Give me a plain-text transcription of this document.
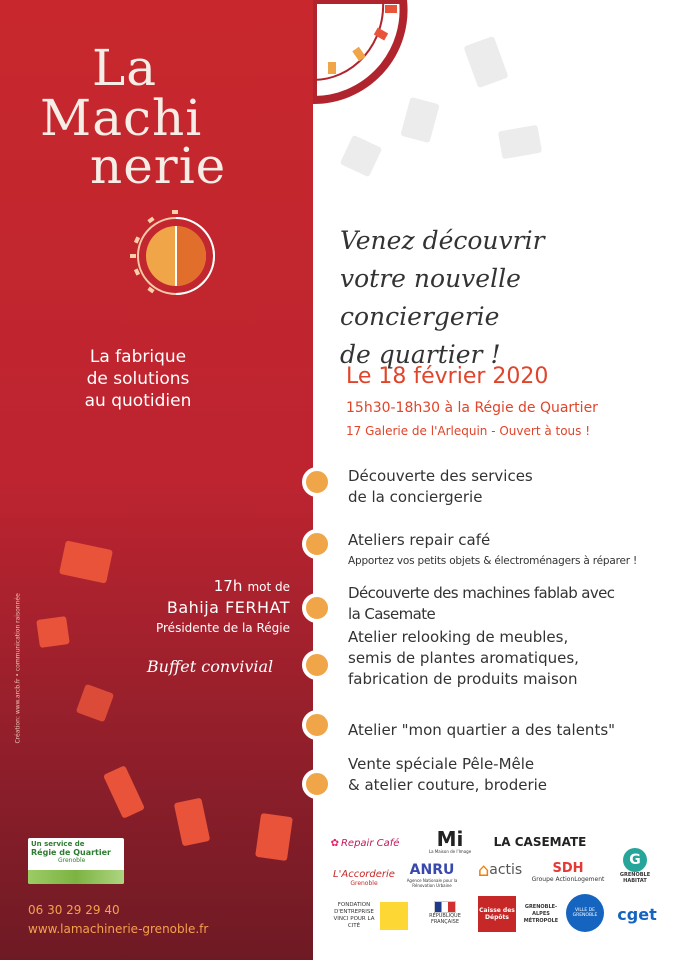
Création: www.arcb.fr • communication raisonnée
La
Machi
nerie
La fabrique
de solutions
au quotidien
17h mot de
Bahija FERHAT
Présidente de la Régie
Buffet convivial
Un service de
Régie de Quartier
Grenoble
06 30 29 29 40
www.lamachinerie-grenoble.fr
Venez découvrir
votre nouvelle conciergerie
de quartier !
Le 18 février 2020
15h30-18h30 à la Régie de Quartier
17 Galerie de l'Arlequin - Ouvert à tous !
Découverte des services
de la conciergerie
Ateliers repair café
Apportez vos petits objets & électroménagers à réparer !
Découverte des machines fablab avec
la Casemate
Atelier relooking de meubles,
semis de plantes aromatiques,
fabrication de produits maison
Atelier "mon quartier a des talents"
Vente spéciale Pêle-Mêle
& atelier couture, broderie
✿ Repair Café Mi
La Maison de l'Image
LA CASEMATE
G
GRENOBLE HABITAT
L'Accorderie
Grenoble
ANRU
Agence Nationale pour la Rénovation Urbaine
⌂ actis SDH
Groupe ActionLogement
FONDATION D'ENTREPRISE VINCI POUR LA CITÉ
RÉPUBLIQUE FRANÇAISE
Caisse des Dépôts
GRENOBLE-ALPES MÉTROPOLE
VILLE DE GRENOBLE	cget
